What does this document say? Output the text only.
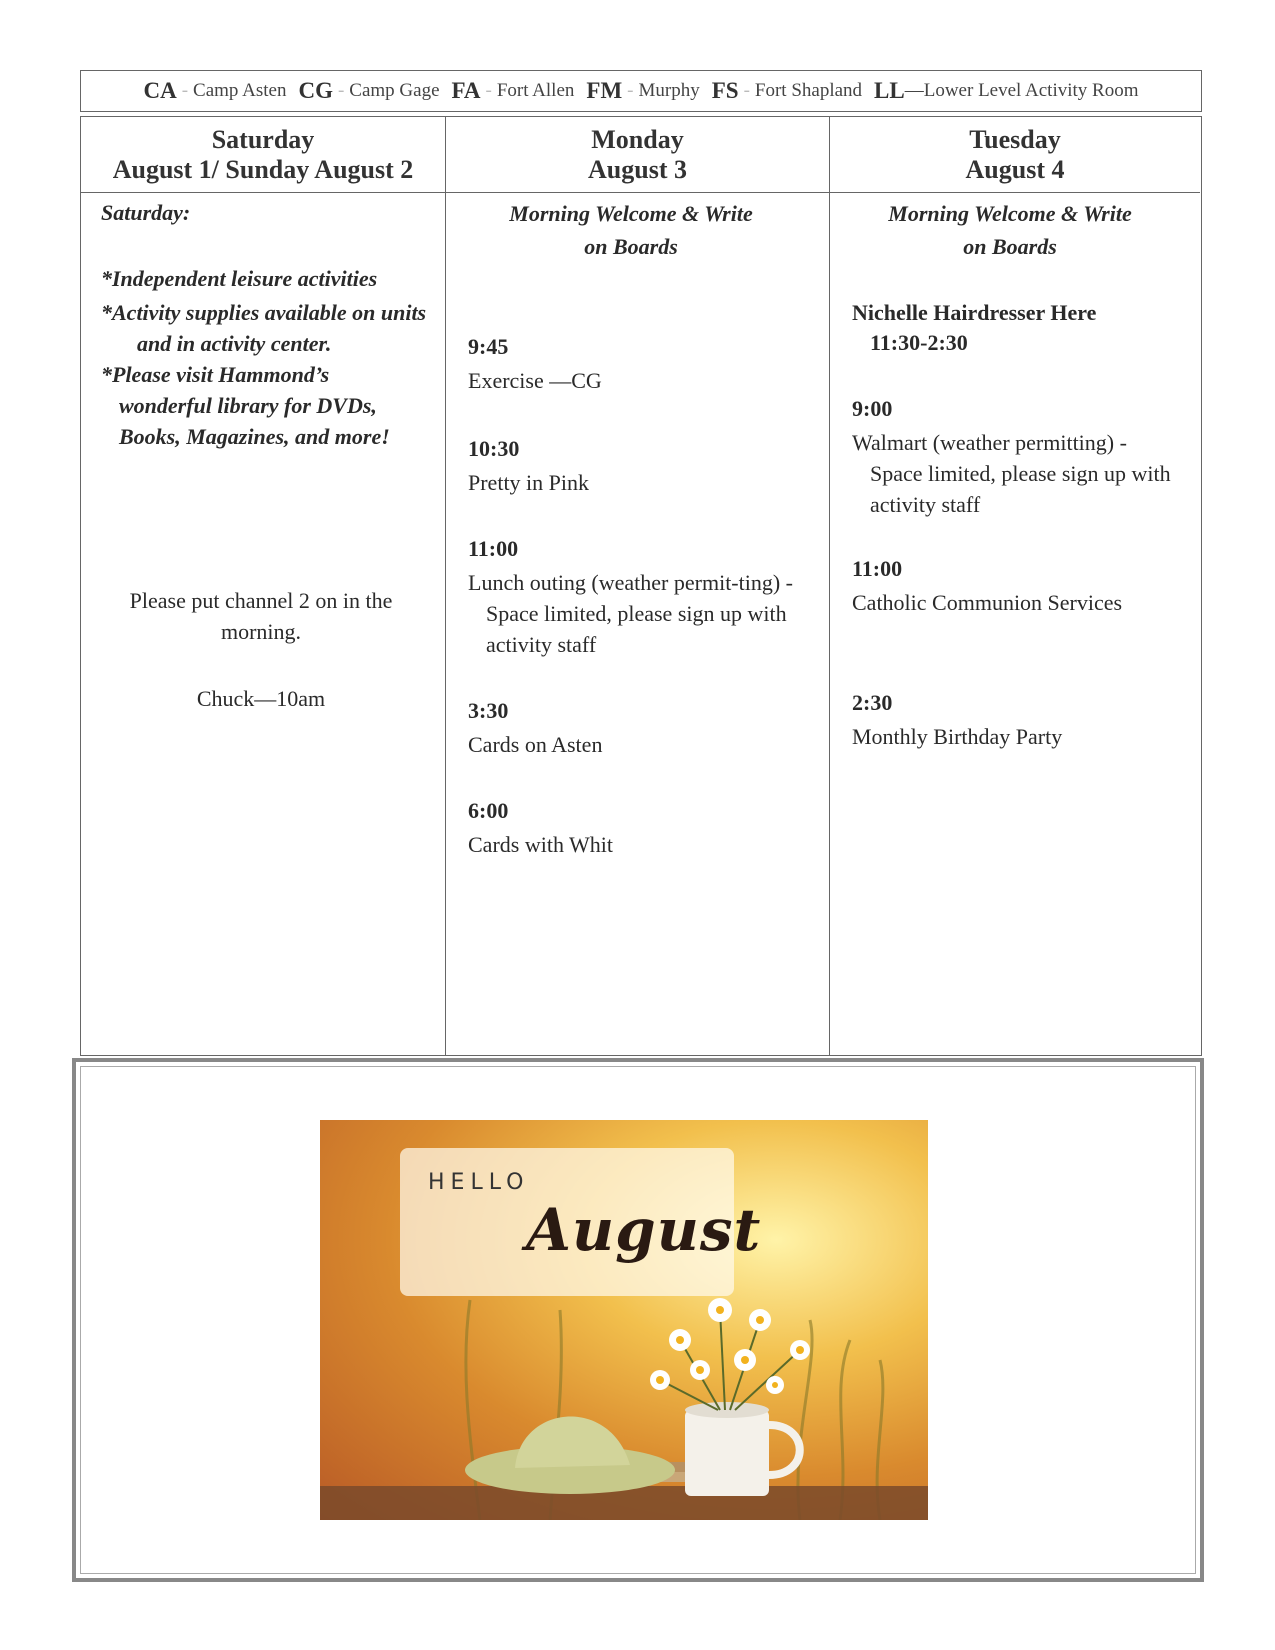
CA - Camp Asten CG - Camp Gage FA - Fort Allen FM - Murphy FS - Fort Shapland LL —Lower Level Activity Room
Saturday
August 1/ Sunday August 2
Saturday:
*Independent leisure activities
*Activity supplies available on units and in activity center.
*Please visit Hammond’s wonderful library for DVDs, Books, Magazines, and more!
Please put channel 2 on in the morning.
Chuck—10am
Monday
August 3
Morning Welcome & Write on Boards
9:45
Exercise —CG
10:30
Pretty in Pink
11:00
Lunch outing (weather permit-ting) - Space limited, please sign up with activity staff
3:30
Cards on Asten
6:00
Cards with Whit
Tuesday
August 4
Morning Welcome & Write on Boards
Nichelle Hairdresser Here
11:30-2:30
9:00
Walmart (weather permitting) - Space limited, please sign up with activity staff
11:00
Catholic Communion Services
2:30
Monthly Birthday Party
HELLO
August
